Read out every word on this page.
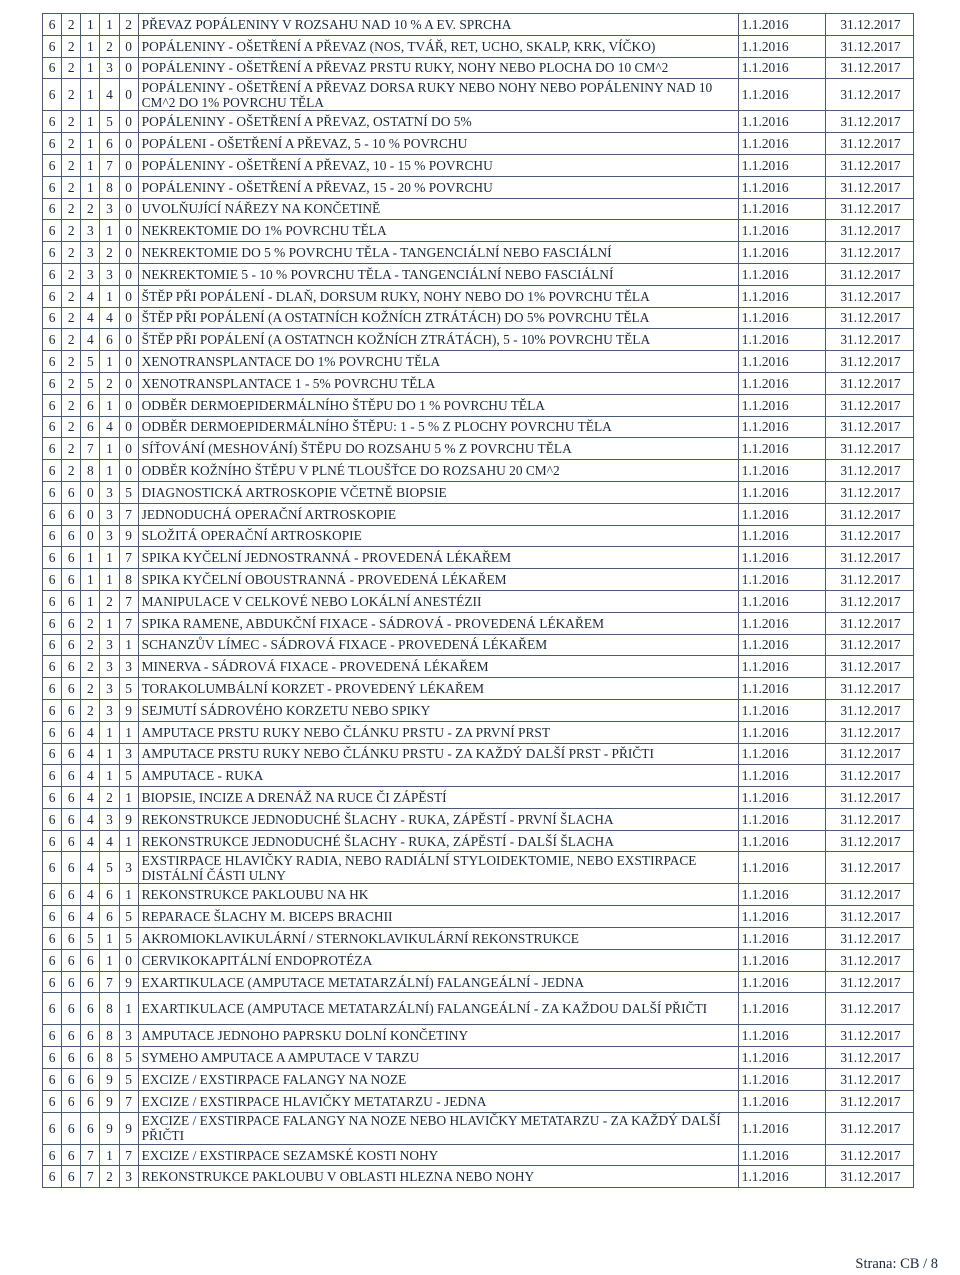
6	2	1	1	2	PŘEVAZ POPÁLENINY V ROZSAHU NAD 10 % A EV. SPRCHA	1.1.2016	31.12.2017
6	2	1	2	0	POPÁLENINY - OŠETŘENÍ A PŘEVAZ (NOS, TVÁŘ, RET, UCHO, SKALP, KRK, VÍČKO)	1.1.2016	31.12.2017
6	2	1	3	0	POPÁLENINY - OŠETŘENÍ A PŘEVAZ PRSTU RUKY, NOHY NEBO PLOCHA DO 10 CM^2	1.1.2016	31.12.2017
6	2	1	4	0	POPÁLENINY - OŠETŘENÍ A PŘEVAZ DORSA RUKY NEBO NOHY NEBO POPÁLENINY NAD 10 CM^2 DO 1% POVRCHU TĚLA	1.1.2016	31.12.2017
6	2	1	5	0	POPÁLENINY - OŠETŘENÍ A PŘEVAZ, OSTATNÍ DO 5%	1.1.2016	31.12.2017
6	2	1	6	0	POPÁLENI - OŠETŘENÍ A PŘEVAZ, 5 - 10 % POVRCHU	1.1.2016	31.12.2017
6	2	1	7	0	POPÁLENINY - OŠETŘENÍ A PŘEVAZ, 10 - 15 % POVRCHU	1.1.2016	31.12.2017
6	2	1	8	0	POPÁLENINY - OŠETŘENÍ A PŘEVAZ, 15 - 20 % POVRCHU	1.1.2016	31.12.2017
6	2	2	3	0	UVOLŇUJÍCÍ NÁŘEZY NA KONČETINĚ	1.1.2016	31.12.2017
6	2	3	1	0	NEKREKTOMIE DO 1% POVRCHU TĚLA	1.1.2016	31.12.2017
6	2	3	2	0	NEKREKTOMIE DO 5 % POVRCHU TĚLA - TANGENCIÁLNÍ NEBO FASCIÁLNÍ	1.1.2016	31.12.2017
6	2	3	3	0	NEKREKTOMIE 5 - 10 % POVRCHU TĚLA - TANGENCIÁLNÍ NEBO FASCIÁLNÍ	1.1.2016	31.12.2017
6	2	4	1	0	ŠTĚP PŘI POPÁLENÍ - DLAŇ, DORSUM RUKY, NOHY NEBO DO 1% POVRCHU TĚLA	1.1.2016	31.12.2017
6	2	4	4	0	ŠTĚP PŘI POPÁLENÍ (A OSTATNÍCH KOŽNÍCH ZTRÁTÁCH) DO 5% POVRCHU TĚLA	1.1.2016	31.12.2017
6	2	4	6	0	ŠTĚP PŘI POPÁLENÍ (A OSTATNCH KOŽNÍCH ZTRÁTÁCH), 5 - 10% POVRCHU TĚLA	1.1.2016	31.12.2017
6	2	5	1	0	XENOTRANSPLANTACE DO 1% POVRCHU TĚLA	1.1.2016	31.12.2017
6	2	5	2	0	XENOTRANSPLANTACE 1 - 5% POVRCHU TĚLA	1.1.2016	31.12.2017
6	2	6	1	0	ODBĚR DERMOEPIDERMÁLNÍHO ŠTĚPU DO 1 % POVRCHU TĚLA	1.1.2016	31.12.2017
6	2	6	4	0	ODBĚR DERMOEPIDERMÁLNÍHO ŠTĚPU: 1 - 5 % Z PLOCHY POVRCHU TĚLA	1.1.2016	31.12.2017
6	2	7	1	0	SÍŤOVÁNÍ (MESHOVÁNÍ) ŠTĚPU DO ROZSAHU 5 % Z POVRCHU TĚLA	1.1.2016	31.12.2017
6	2	8	1	0	ODBĚR KOŽNÍHO ŠTĚPU V PLNÉ TLOUŠŤCE DO ROZSAHU 20 CM^2	1.1.2016	31.12.2017
6	6	0	3	5	DIAGNOSTICKÁ ARTROSKOPIE VČETNĚ BIOPSIE	1.1.2016	31.12.2017
6	6	0	3	7	JEDNODUCHÁ OPERAČNÍ ARTROSKOPIE	1.1.2016	31.12.2017
6	6	0	3	9	SLOŽITÁ OPERAČNÍ ARTROSKOPIE	1.1.2016	31.12.2017
6	6	1	1	7	SPIKA KYČELNÍ JEDNOSTRANNÁ - PROVEDENÁ LÉKAŘEM	1.1.2016	31.12.2017
6	6	1	1	8	SPIKA KYČELNÍ OBOUSTRANNÁ - PROVEDENÁ LÉKAŘEM	1.1.2016	31.12.2017
6	6	1	2	7	MANIPULACE V CELKOVÉ NEBO LOKÁLNÍ ANESTÉZII	1.1.2016	31.12.2017
6	6	2	1	7	SPIKA RAMENE, ABDUKČNÍ FIXACE - SÁDROVÁ - PROVEDENÁ LÉKAŘEM	1.1.2016	31.12.2017
6	6	2	3	1	SCHANZŮV LÍMEC - SÁDROVÁ FIXACE - PROVEDENÁ LÉKAŘEM	1.1.2016	31.12.2017
6	6	2	3	3	MINERVA - SÁDROVÁ FIXACE - PROVEDENÁ LÉKAŘEM	1.1.2016	31.12.2017
6	6	2	3	5	TORAKOLUMBÁLNÍ KORZET - PROVEDENÝ LÉKAŘEM	1.1.2016	31.12.2017
6	6	2	3	9	SEJMUTÍ SÁDROVÉHO KORZETU NEBO SPIKY	1.1.2016	31.12.2017
6	6	4	1	1	AMPUTACE PRSTU RUKY NEBO ČLÁNKU PRSTU - ZA PRVNÍ PRST	1.1.2016	31.12.2017
6	6	4	1	3	AMPUTACE PRSTU RUKY NEBO ČLÁNKU PRSTU - ZA KAŽDÝ DALŠÍ PRST - PŘIČTI	1.1.2016	31.12.2017
6	6	4	1	5	AMPUTACE - RUKA	1.1.2016	31.12.2017
6	6	4	2	1	BIOPSIE, INCIZE A DRENÁŽ NA RUCE ČI ZÁPĚSTÍ	1.1.2016	31.12.2017
6	6	4	3	9	REKONSTRUKCE JEDNODUCHÉ ŠLACHY - RUKA, ZÁPĚSTÍ - PRVNÍ ŠLACHA	1.1.2016	31.12.2017
6	6	4	4	1	REKONSTRUKCE JEDNODUCHÉ ŠLACHY - RUKA, ZÁPĚSTÍ - DALŠÍ ŠLACHA	1.1.2016	31.12.2017
6	6	4	5	3	EXSTIRPACE HLAVIČKY RADIA, NEBO RADIÁLNÍ STYLOIDEKTOMIE, NEBO EXSTIRPACE DISTÁLNÍ ČÁSTI ULNY	1.1.2016	31.12.2017
6	6	4	6	1	REKONSTRUKCE PAKLOUBU NA HK	1.1.2016	31.12.2017
6	6	4	6	5	REPARACE ŠLACHY M. BICEPS BRACHII	1.1.2016	31.12.2017
6	6	5	1	5	AKROMIOKLAVIKULÁRNÍ / STERNOKLAVIKULÁRNÍ REKONSTRUKCE	1.1.2016	31.12.2017
6	6	6	1	0	CERVIKOKAPITÁLNÍ ENDOPROTÉZA	1.1.2016	31.12.2017
6	6	6	7	9	EXARTIKULACE (AMPUTACE METATARZÁLNÍ) FALANGEÁLNÍ - JEDNA	1.1.2016	31.12.2017
6	6	6	8	1	EXARTIKULACE (AMPUTACE METATARZÁLNÍ) FALANGEÁLNÍ - ZA KAŽDOU DALŠÍ PŘIČTI	1.1.2016	31.12.2017
6	6	6	8	3	AMPUTACE JEDNOHO PAPRSKU DOLNÍ KONČETINY	1.1.2016	31.12.2017
6	6	6	8	5	SYMEHO AMPUTACE A AMPUTACE V TARZU	1.1.2016	31.12.2017
6	6	6	9	5	EXCIZE / EXSTIRPACE FALANGY NA NOZE	1.1.2016	31.12.2017
6	6	6	9	7	EXCIZE / EXSTIRPACE HLAVIČKY METATARZU - JEDNA	1.1.2016	31.12.2017
6	6	6	9	9	EXCIZE / EXSTIRPACE FALANGY NA NOZE NEBO HLAVIČKY METATARZU - ZA KAŽDÝ DALŠÍ PŘIČTI	1.1.2016	31.12.2017
6	6	7	1	7	EXCIZE / EXSTIRPACE SEZAMSKÉ KOSTI NOHY	1.1.2016	31.12.2017
6	6	7	2	3	REKONSTRUKCE PAKLOUBU V OBLASTI HLEZNA NEBO NOHY	1.1.2016	31.12.2017
Strana: CB / 8
